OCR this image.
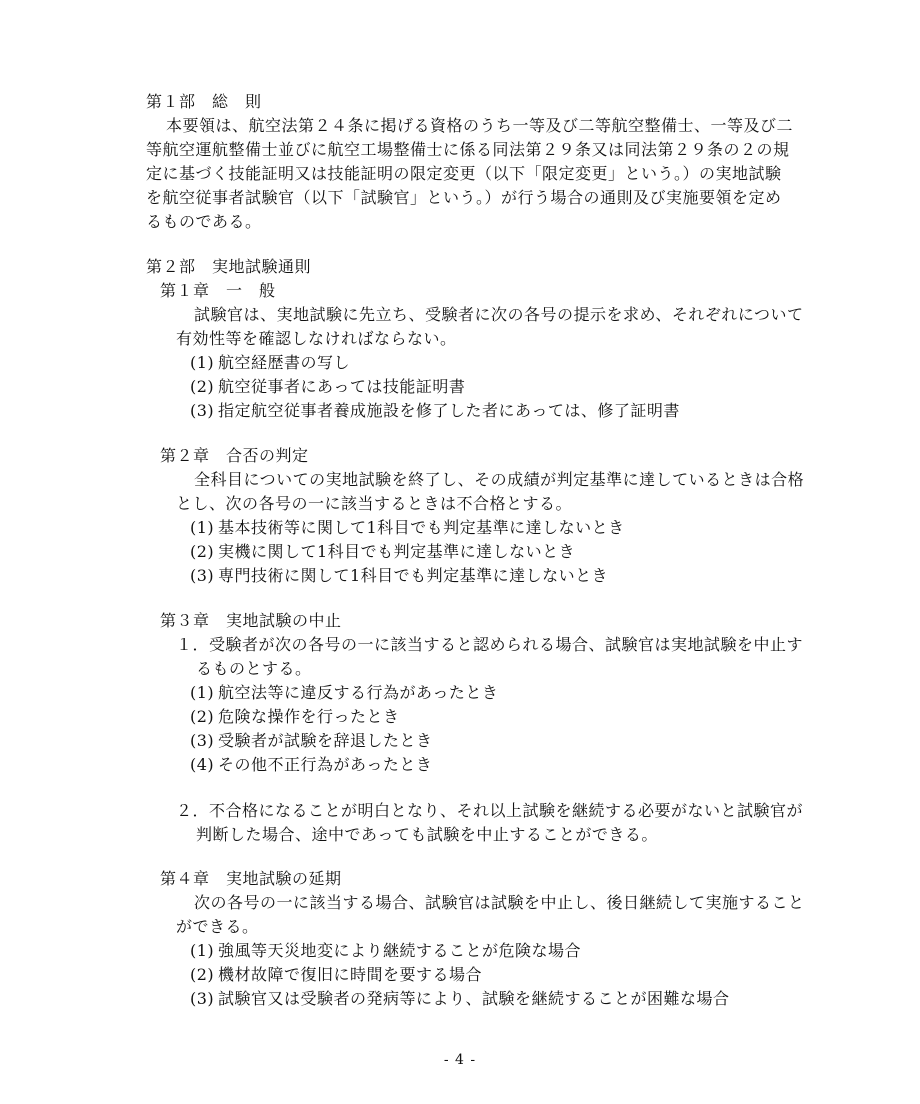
第１部　総　則
本要領は、航空法第２４条に掲げる資格のうち一等及び二等航空整備士、一等及び二
等航空運航整備士並びに航空工場整備士に係る同法第２９条又は同法第２９条の２の規
定に基づく技能証明又は技能証明の限定変更（以下「限定変更」という。）の実地試験
を航空従事者試験官（以下「試験官」という。）が行う場合の通則及び実施要領を定め
るものである。
第２部　実地試験通則
第１章　一　般
試験官は、実地試験に先立ち、受験者に次の各号の提示を求め、それぞれについて
有効性等を確認しなければならない。
(1) 航空経歴書の写し
(2) 航空従事者にあっては技能証明書
(3) 指定航空従事者養成施設を修了した者にあっては、修了証明書
第２章　合否の判定
全科目についての実地試験を終了し、その成績が判定基準に達しているときは合格
とし、次の各号の一に該当するときは不合格とする。
(1) 基本技術等に関して1科目でも判定基準に達しないとき
(2) 実機に関して1科目でも判定基準に達しないとき
(3) 専門技術に関して1科目でも判定基準に達しないとき
第３章　実地試験の中止
１．受験者が次の各号の一に該当すると認められる場合、試験官は実地試験を中止す
るものとする。
(1) 航空法等に違反する行為があったとき
(2) 危険な操作を行ったとき
(3) 受験者が試験を辞退したとき
(4) その他不正行為があったとき
２．不合格になることが明白となり、それ以上試験を継続する必要がないと試験官が
判断した場合、途中であっても試験を中止することができる。
第４章　実地試験の延期
次の各号の一に該当する場合、試験官は試験を中止し、後日継続して実施すること
ができる。
(1) 強風等天災地変により継続することが危険な場合
(2) 機材故障で復旧に時間を要する場合
(3) 試験官又は受験者の発病等により、試験を継続することが困難な場合
- 4 -
